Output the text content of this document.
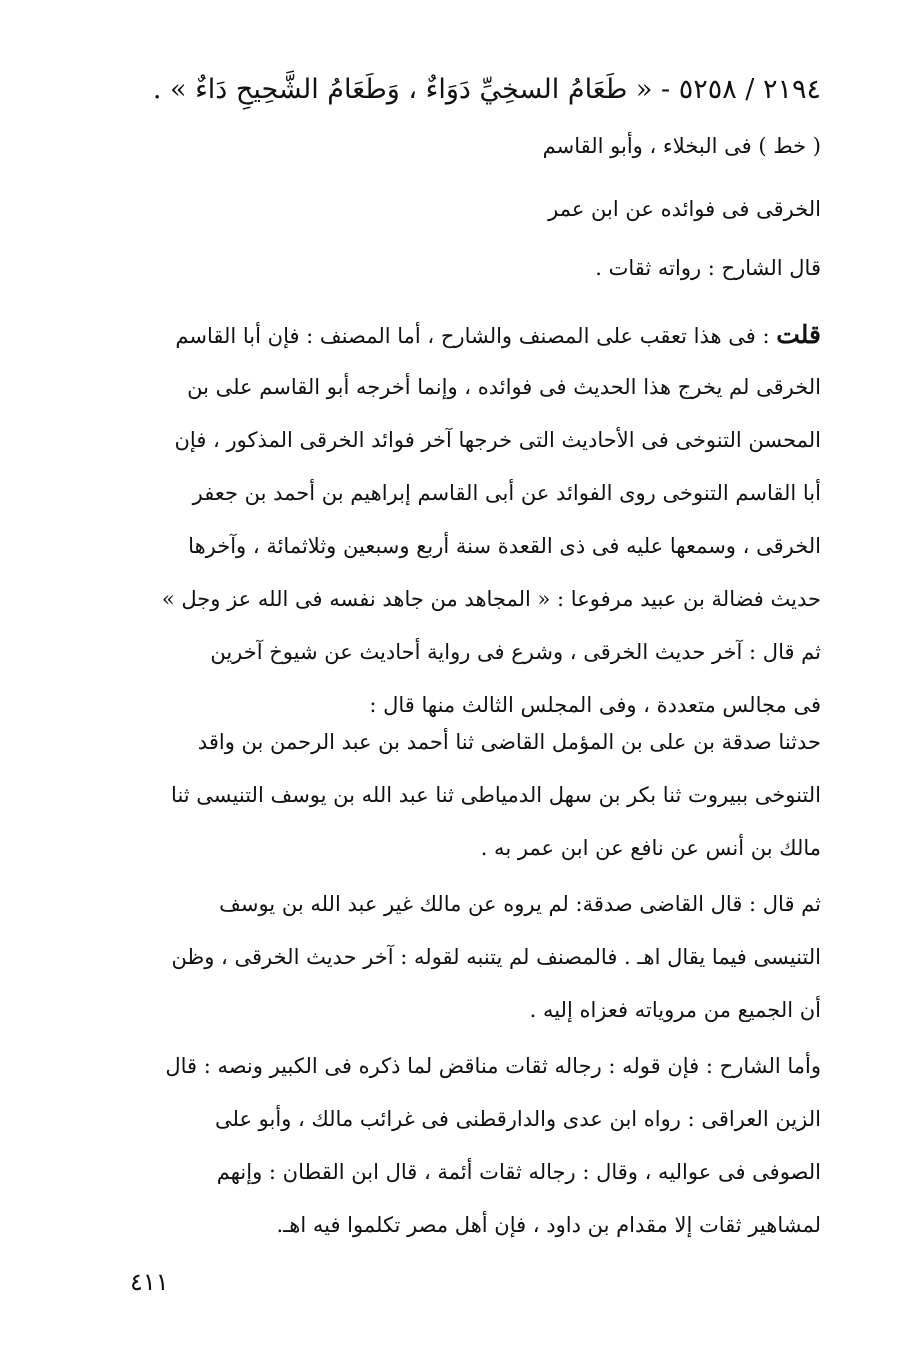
٢١٩٤ / ٥٢٥٨ - « طَعَامُ السخِيِّ دَوَاءٌ ، وَطَعَامُ الشَّحِيحِ دَاءٌ » .
( خط ) فى البخلاء ، وأبو القاسم
الخرقى فى فوائده عن ابن عمر
قال الشارح : رواته ثقات .
قلت : فى هذا تعقب على المصنف والشارح ، أما المصنف : فإن أبا القاسم
الخرقى لم يخرج هذا الحديث فى فوائده ، وإنما أخرجه أبو القاسم على بن
المحسن التنوخى فى الأحاديث التى خرجها آخر فوائد الخرقى المذكور ، فإن
أبا القاسم التنوخى روى الفوائد عن أبى القاسم إبراهيم بن أحمد بن جعفر
الخرقى ، وسمعها عليه فى ذى القعدة سنة أربع وسبعين وثلاثمائة ، وآخرها
حديث فضالة بن عبيد مرفوعا : « المجاهد من جاهد نفسه فى الله عز وجل »
ثم قال : آخر حديث الخرقى ، وشرع فى رواية أحاديث عن شيوخ آخرين
فى مجالس متعددة ، وفى المجلس الثالث منها قال :
حدثنا صدقة بن على بن المؤمل القاضى ثنا أحمد بن عبد الرحمن بن واقد
التنوخى ببيروت ثنا بكر بن سهل الدمياطى ثنا عبد الله بن يوسف التنيسى ثنا
مالك بن أنس عن نافع عن ابن عمر به .
ثم قال : قال القاضى صدقة: لم يروه عن مالك غير عبد الله بن يوسف
التنيسى فيما يقال اهـ . فالمصنف لم يتنبه لقوله : آخر حديث الخرقى ، وظن
أن الجميع من مروياته فعزاه إليه .
وأما الشارح : فإن قوله : رجاله ثقات مناقض لما ذكره فى الكبير ونصه : قال
الزين العراقى : رواه ابن عدى والدارقطنى فى غرائب مالك ، وأبو على
الصوفى فى عواليه ، وقال : رجاله ثقات أئمة ، قال ابن القطان : وإنهم
لمشاهير ثقات إلا مقدام بن داود ، فإن أهل مصر تكلموا فيه اهـ.
٤١١
